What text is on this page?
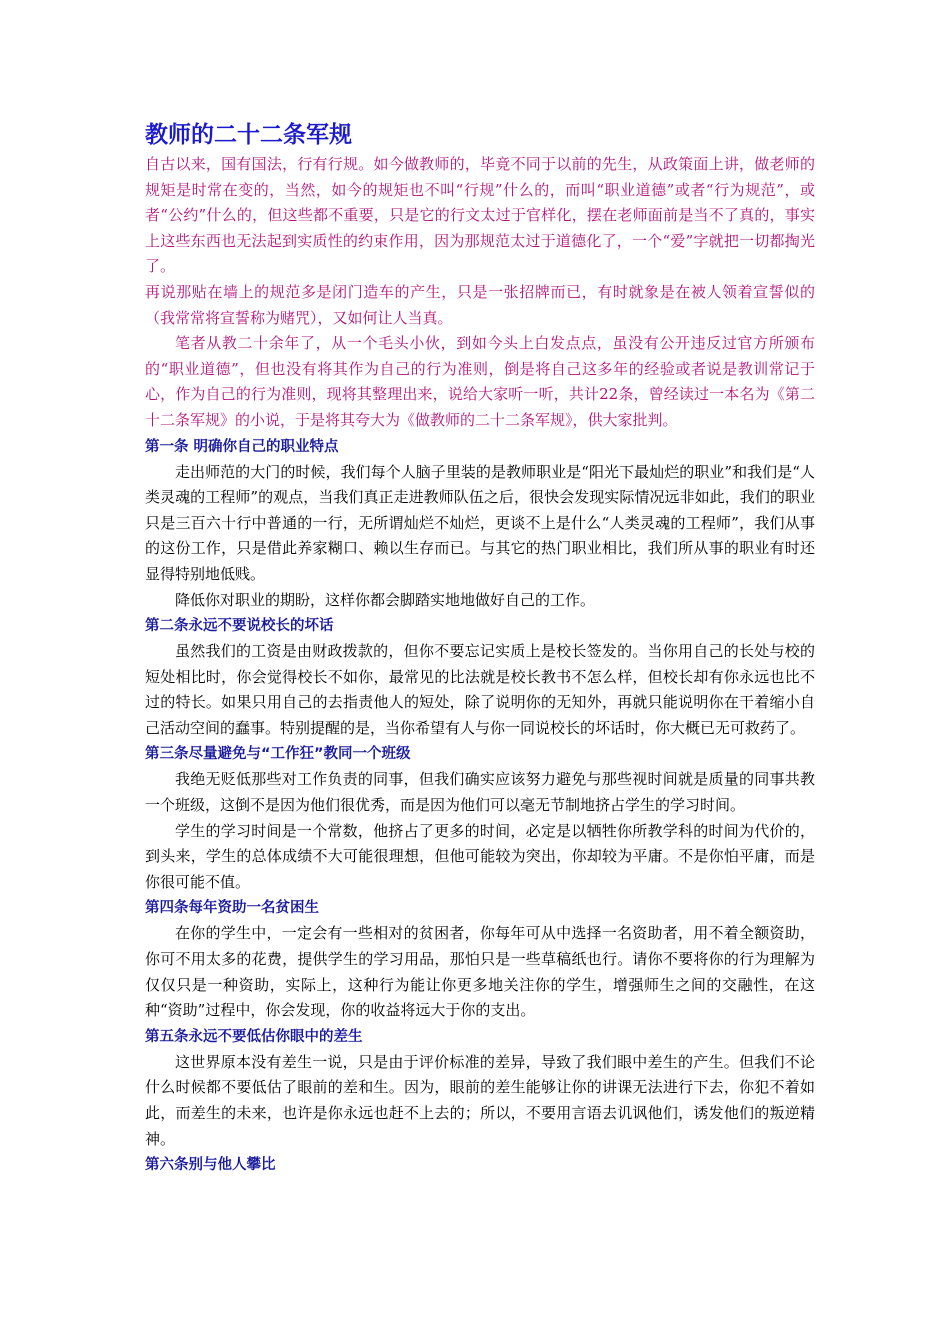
教师的二十二条军规

自古以来，国有国法，行有行规。如今做教师的，毕竟不同于以前的先生，从政策面上讲，做老师的规矩是时常在变的，当然，如今的规矩也不叫“行规”什么的，而叫“职业道德”或者“行为规范”，或者“公约”什么的，但这些都不重要，只是它的行文太过于官样化，摆在老师面前是当不了真的，事实上这些东西也无法起到实质性的约束作用，因为那规范太过于道德化了，一个“爱”字就把一切都掏光了。

再说那贴在墙上的规范多是闭门造车的产生，只是一张招牌而已，有时就象是在被人领着宣誓似的（我常常将宣誓称为赌咒），又如何让人当真。

笔者从教二十余年了，从一个毛头小伙，到如今头上白发点点，虽没有公开违反过官方所颁布的“职业道德”，但也没有将其作为自己的行为准则，倒是将自己这多年的经验或者说是教训常记于心，作为自己的行为准则，现将其整理出来，说给大家听一听，共计22条，曾经读过一本名为《第二十二条军规》的小说，于是将其夸大为《做教师的二十二条军规》，供大家批判。

第一条 明确你自己的职业特点

走出师范的大门的时候，我们每个人脑子里装的是教师职业是“阳光下最灿烂的职业”和我们是“人类灵魂的工程师”的观点，当我们真正走进教师队伍之后，很快会发现实际情况远非如此，我们的职业只是三百六十行中普通的一行，无所谓灿烂不灿烂，更谈不上是什么“人类灵魂的工程师”，我们从事的这份工作，只是借此养家糊口、赖以生存而已。与其它的热门职业相比，我们所从事的职业有时还显得特别地低贱。

降低你对职业的期盼，这样你都会脚踏实地地做好自己的工作。

第二条永远不要说校长的坏话

虽然我们的工资是由财政拨款的，但你不要忘记实质上是校长签发的。当你用自己的长处与校的短处相比时，你会觉得校长不如你，最常见的比法就是校长教书不怎么样，但校长却有你永远也比不过的特长。如果只用自己的去指责他人的短处，除了说明你的无知外，再就只能说明你在干着缩小自己活动空间的蠢事。特别提醒的是，当你希望有人与你一同说校长的坏话时，你大概已无可救药了。

第三条尽量避免与“工作狂”教同一个班级

我绝无贬低那些对工作负责的同事，但我们确实应该努力避免与那些视时间就是质量的同事共教一个班级，这倒不是因为他们很优秀，而是因为他们可以毫无节制地挤占学生的学习时间。

学生的学习时间是一个常数，他挤占了更多的时间，必定是以牺牲你所教学科的时间为代价的，到头来，学生的总体成绩不大可能很理想，但他可能较为突出，你却较为平庸。不是你怕平庸，而是你很可能不值。

第四条每年资助一名贫困生

在你的学生中，一定会有一些相对的贫困者，你每年可从中选择一名资助者，用不着全额资助，你可不用太多的花费，提供学生的学习用品，那怕只是一些草稿纸也行。请你不要将你的行为理解为仅仅只是一种资助，实际上，这种行为能让你更多地关注你的学生，增强师生之间的交融性，在这种“资助”过程中，你会发现，你的收益将远大于你的支出。

第五条永远不要低估你眼中的差生

这世界原本没有差生一说，只是由于评价标准的差异，导致了我们眼中差生的产生。但我们不论什么时候都不要低估了眼前的差和生。因为，眼前的差生能够让你的讲课无法进行下去，你犯不着如此，而差生的未来，也许是你永远也赶不上去的；所以，不要用言语去讥讽他们，诱发他们的叛逆精神。

第六条别与他人攀比
